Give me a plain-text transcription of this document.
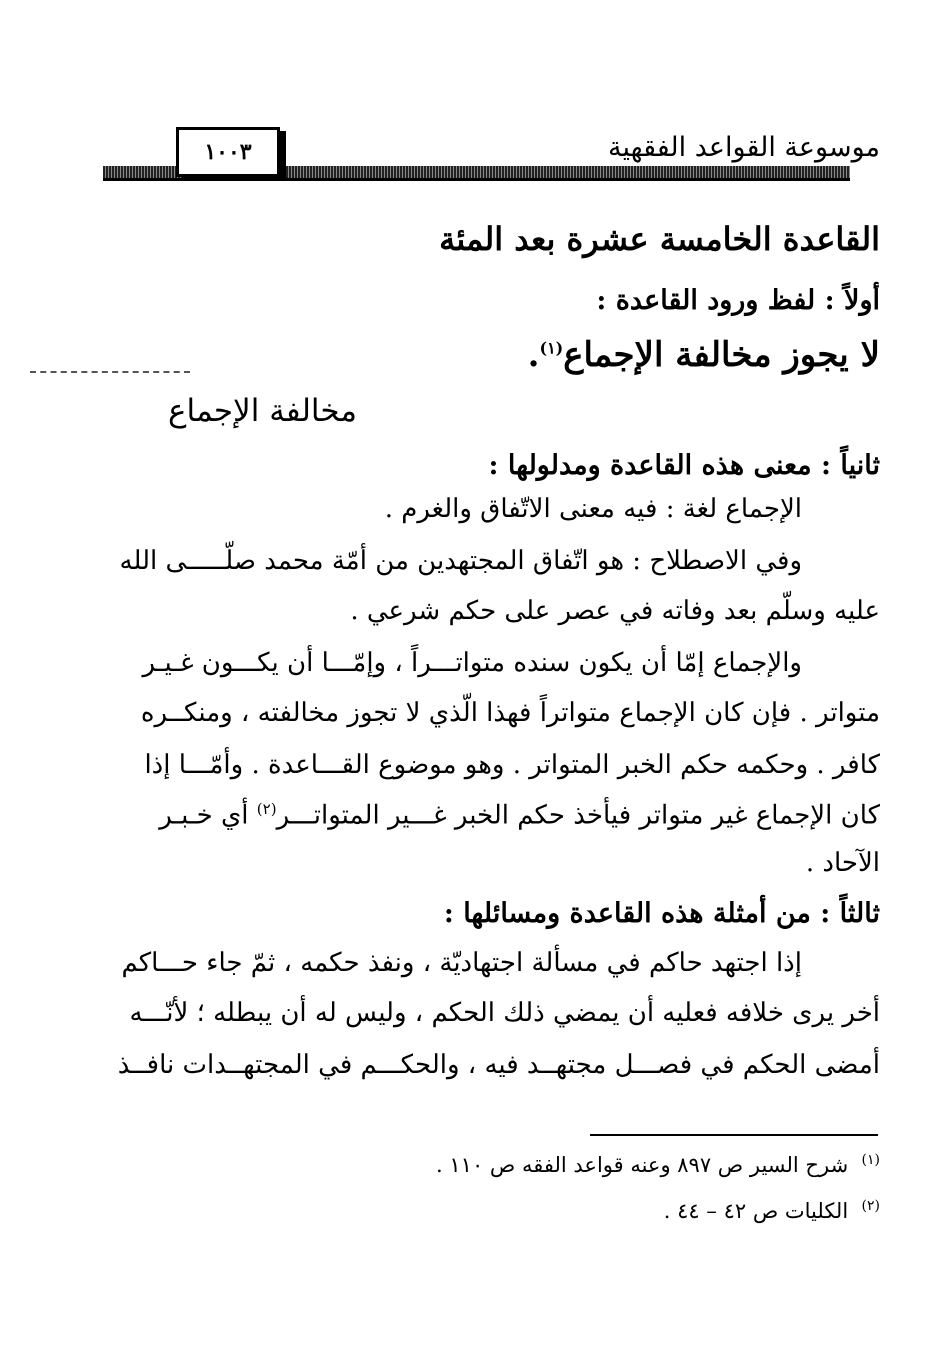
موسوعة القواعد الفقهية
١٠٠٣
القاعدة الخامسة عشرة بعد المئة
أولاً : لفظ ورود القاعدة :
لا يجوز مخالفة الإجماع$^{(١)}$.
مخالفة الإجماع
ثانياً : معنى هذه القاعدة ومدلولها :
الإجماع لغة : فيه معنى الاتّفاق والغرم .
وفي الاصطلاح : هو اتّفاق المجتهدين من أمّة محمد صلّـــــى الله
عليه وسلّم بعد وفاته في عصر على حكم شرعي .
والإجماع إمّا أن يكون سنده متواتـــراً ، وإمّـــا أن يكـــون غـيـر
متواتر . فإن كان الإجماع متواتراً فهذا الّذي لا تجوز مخالفته ، ومنكــره
كافر . وحكمه حكم الخبر المتواتر . وهو موضوع القـــاعدة . وأمّـــا إذا
كان الإجماع غير متواتر فيأخذ حكم الخبر غـــير المتواتـــر$^{(٢)}$ أي خـبـر
الآحاد .
ثالثاً : من أمثلة هذه القاعدة ومسائلها :
إذا اجتهد حاكم في مسألة اجتهاديّة ، ونفذ حكمه ، ثمّ جاء حـــاكم
أخر يرى خلافه فعليه أن يمضي ذلك الحكم ، وليس له أن يبطله ؛ لأنّـــه
أمضى الحكم في فصـــل مجتهــد فيه ، والحكـــم في المجتهــدات نافــذ
$^{(١)}$  شرح السير ص ٨٩٧ وعنه قواعد الفقه ص ١١٠ .
$^{(٢)}$  الكليات ص ٤٢ – ٤٤ .
